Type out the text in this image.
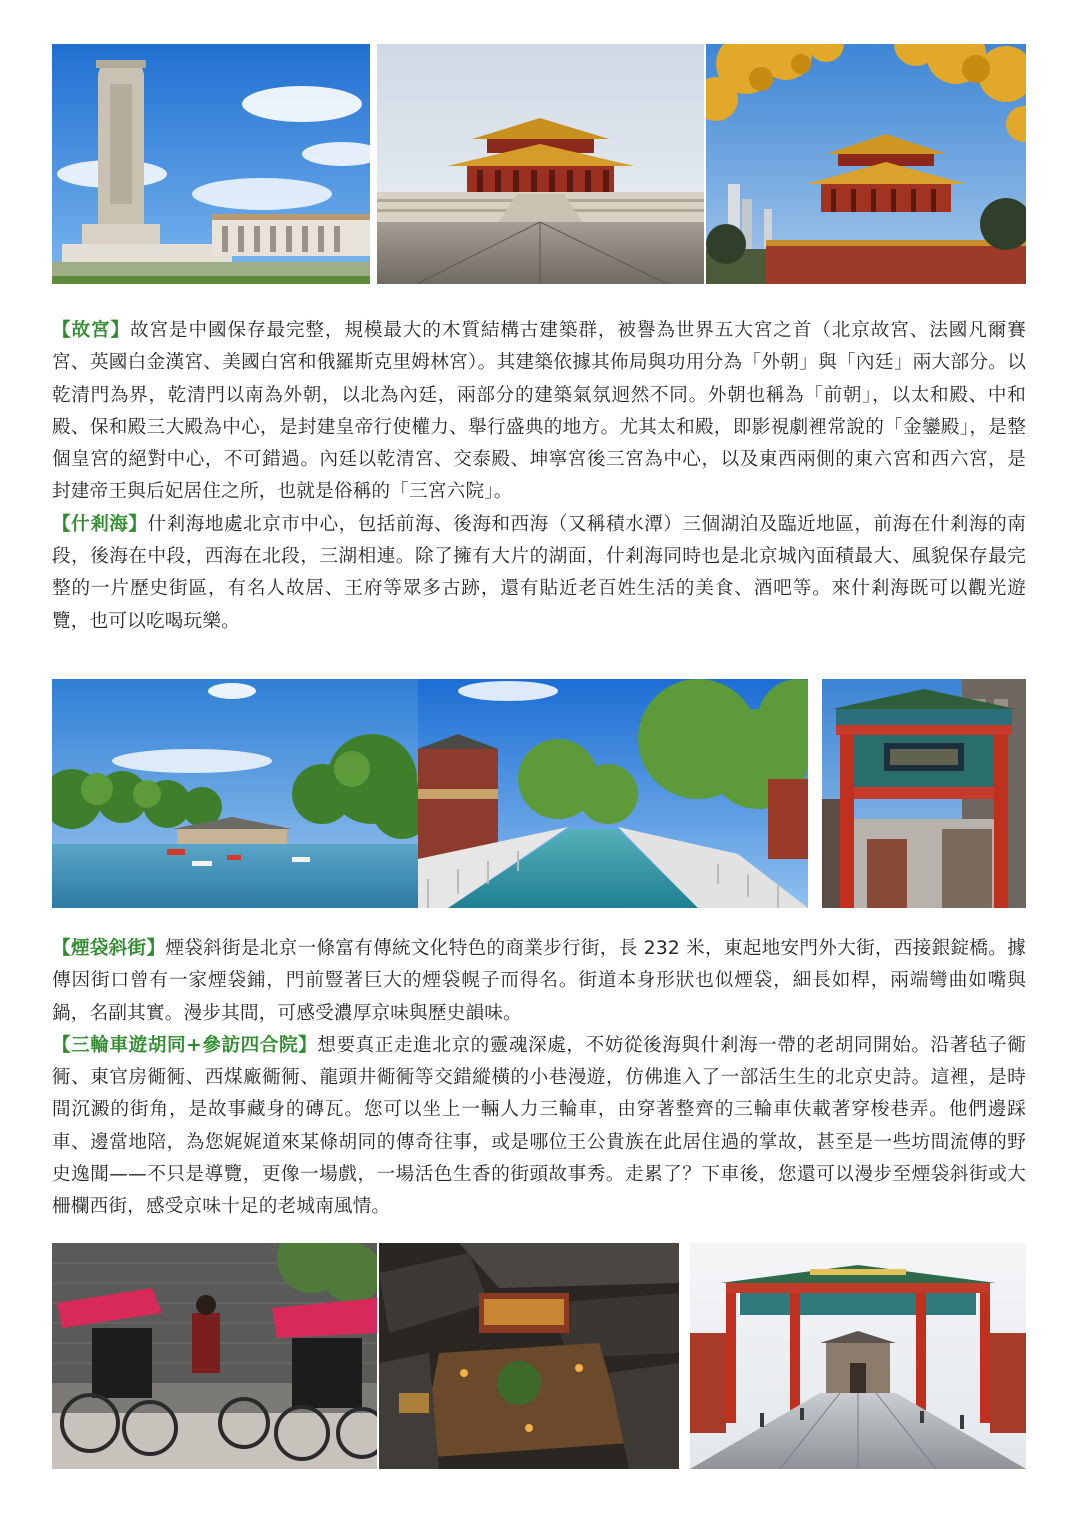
【故宮】故宮是中國保存最完整，規模最大的木質結構古建築群，被譽為世界五大宮之首（北京故宮、法國凡爾賽宮、英國白金漢宮、美國白宮和俄羅斯克里姆林宮）。其建築依據其佈局與功用分為「外朝」與「內廷」兩大部分。以乾清門為界，乾清門以南為外朝，以北為內廷，兩部分的建築氣氛迥然不同。外朝也稱為「前朝」，以太和殿、中和殿、保和殿三大殿為中心，是封建皇帝行使權力、舉行盛典的地方。尤其太和殿，即影視劇裡常說的「金鑾殿」，是整個皇宮的絕對中心，不可錯過。內廷以乾清宮、交泰殿、坤寧宮後三宮為中心，以及東西兩側的東六宮和西六宮，是封建帝王與后妃居住之所，也就是俗稱的「三宮六院」。

【什剎海】什剎海地處北京市中心，包括前海、後海和西海（又稱積水潭）三個湖泊及臨近地區，前海在什剎海的南段，後海在中段，西海在北段，三湖相連。除了擁有大片的湖面，什剎海同時也是北京城內面積最大、風貌保存最完整的一片歷史街區，有名人故居、王府等眾多古跡，還有貼近老百姓生活的美食、酒吧等。來什剎海既可以觀光遊覽，也可以吃喝玩樂。

【煙袋斜街】煙袋斜街是北京一條富有傳統文化特色的商業步行街，長 232 米，東起地安門外大街，西接銀錠橋。據傳因街口曾有一家煙袋鋪，門前豎著巨大的煙袋幌子而得名。街道本身形狀也似煙袋，細長如桿，兩端彎曲如嘴與鍋，名副其實。漫步其間，可感受濃厚京味與歷史韻味。

【三輪車遊胡同+參訪四合院】想要真正走進北京的靈魂深處，不妨從後海與什剎海一帶的老胡同開始。沿著毡子衚衕、東官房衚衕、西煤廠衚衕、龍頭井衚衕等交錯縱橫的小巷漫遊，仿佛進入了一部活生生的北京史詩。這裡，是時間沉澱的街角，是故事藏身的磚瓦。您可以坐上一輛人力三輪車，由穿著整齊的三輪車伕載著穿梭巷弄。他們邊踩車、邊當地陪，為您娓娓道來某條胡同的傳奇往事，或是哪位王公貴族在此居住過的掌故，甚至是一些坊間流傳的野史逸聞——不只是導覽，更像一場戲，一場活色生香的街頭故事秀。走累了？下車後，您還可以漫步至煙袋斜街或大柵欄西街，感受京味十足的老城南風情。
